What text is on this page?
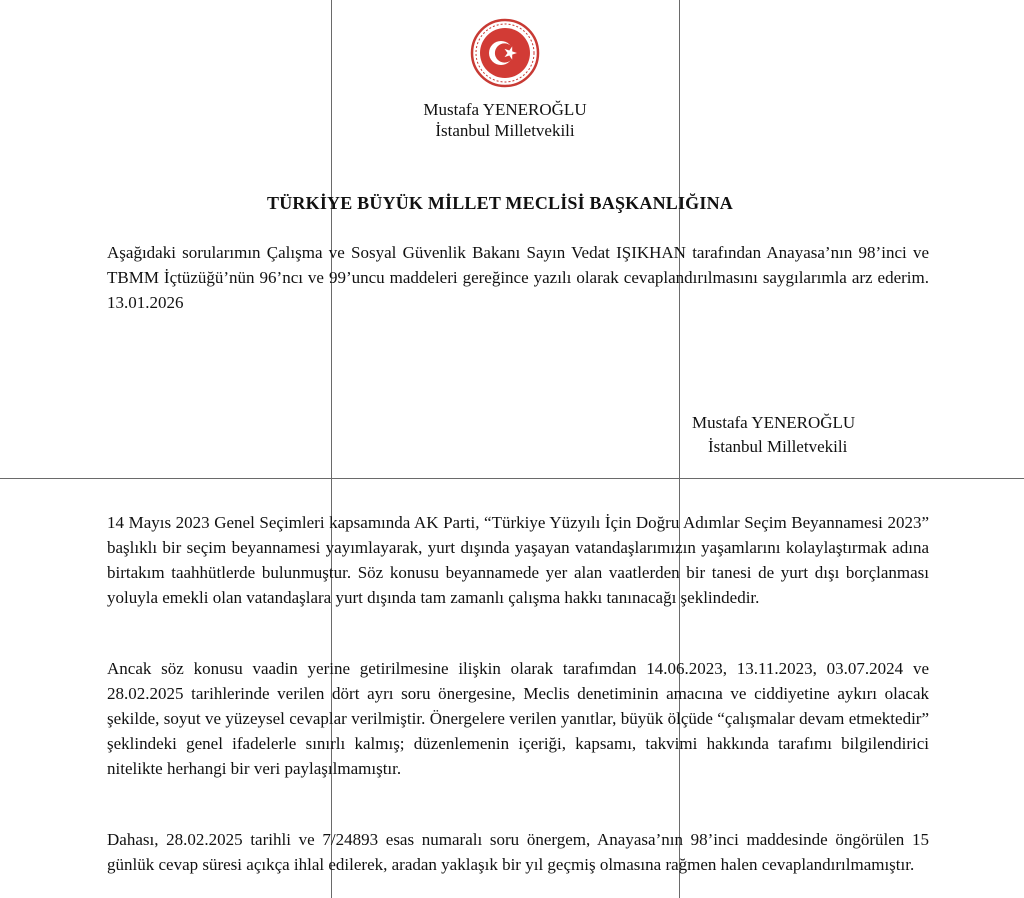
Mustafa YENEROĞLU
İstanbul Milletvekili
TÜRKİYE BÜYÜK MİLLET MECLİSİ BAŞKANLIĞINA

Aşağıdaki sorularımın Çalışma ve Sosyal Güvenlik Bakanı Sayın Vedat IŞIKHAN tarafından Anayasa’nın 98’inci ve TBMM İçtüzüğü’nün 96’ncı ve 99’uncu maddeleri gereğince yazılı olarak cevaplandırılmasını saygılarımla arz ederim. 13.01.2026

Mustafa YENEROĞLU
İstanbul Milletvekili

14 Mayıs 2023 Genel Seçimleri kapsamında AK Parti, “Türkiye Yüzyılı İçin Doğru Adımlar Seçim Beyannamesi 2023” başlıklı bir seçim beyannamesi yayımlayarak, yurt dışında yaşayan vatandaşlarımızın yaşamlarını kolaylaştırmak adına birtakım taahhütlerde bulunmuştur. Söz konusu beyannamede yer alan vaatlerden bir tanesi de yurt dışı borçlanması yoluyla emekli olan vatandaşlara yurt dışında tam zamanlı çalışma hakkı tanınacağı şeklindedir.

Ancak söz konusu vaadin yerine getirilmesine ilişkin olarak tarafımdan 14.06.2023, 13.11.2023, 03.07.2024 ve 28.02.2025 tarihlerinde verilen dört ayrı soru önergesine, Meclis denetiminin amacına ve ciddiyetine aykırı olacak şekilde, soyut ve yüzeysel cevaplar verilmiştir. Önergelere verilen yanıtlar, büyük ölçüde “çalışmalar devam etmektedir” şeklindeki genel ifadelerle sınırlı kalmış; düzenlemenin içeriği, kapsamı, takvimi hakkında tarafımı bilgilendirici nitelikte herhangi bir veri paylaşılmamıştır.

Dahası, 28.02.2025 tarihli ve 7/24893 esas numaralı soru önergem, Anayasa’nın 98’inci maddesinde öngörülen 15 günlük cevap süresi açıkça ihlal edilerek, aradan yaklaşık bir yıl geçmiş olmasına rağmen halen cevaplandırılmamıştır.
